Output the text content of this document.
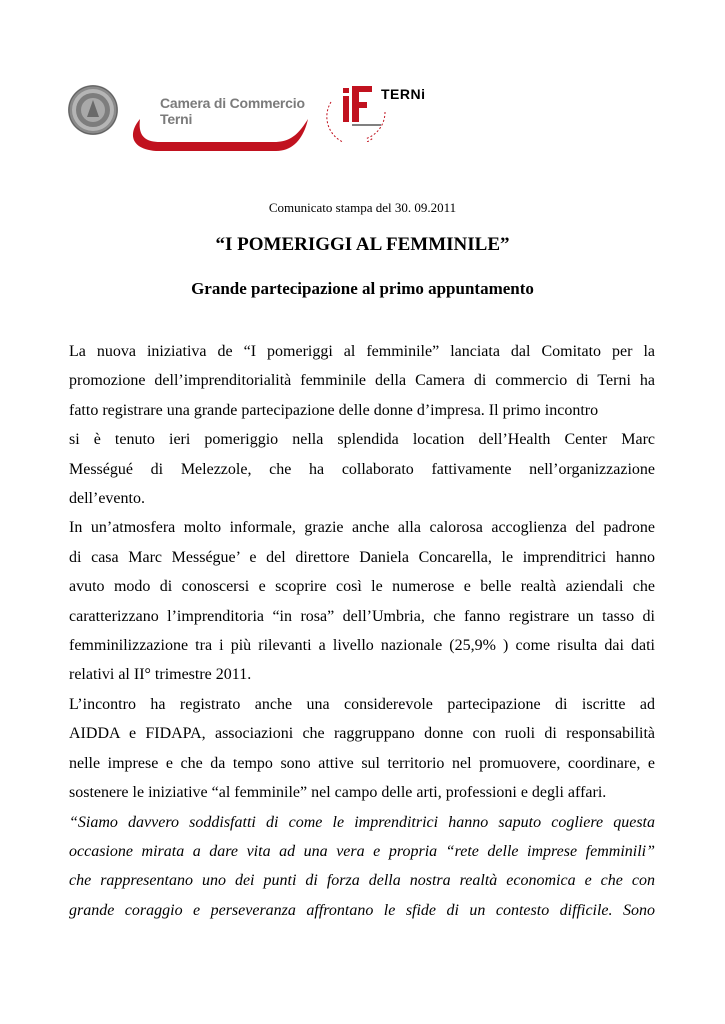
Camera di Commercio
Terni
TERNi
Comunicato stampa del 30. 09.2011
“I POMERIGGI AL FEMMINILE”
Grande partecipazione al primo appuntamento
La nuova iniziativa de “I pomeriggi al femminile” lanciata dal Comitato per la
promozione dell’imprenditorialità femminile della Camera di commercio di Terni ha
fatto registrare una grande partecipazione delle donne d’impresa. Il primo incontro
si è tenuto ieri pomeriggio nella splendida location dell’Health Center Marc
Mességué di Melezzole, che ha collaborato fattivamente nell’organizzazione
dell’evento.
In un’atmosfera molto informale, grazie anche alla calorosa accoglienza del padrone
di casa Marc Mességue’ e del direttore Daniela Concarella, le imprenditrici hanno
avuto modo di conoscersi e scoprire così le numerose e belle realtà aziendali che
caratterizzano l’imprenditoria “in rosa” dell’Umbria, che fanno registrare un tasso di
femminilizzazione tra i più rilevanti a livello nazionale (25,9% ) come risulta dai dati
relativi al II° trimestre 2011.
L’incontro ha registrato anche una considerevole partecipazione di iscritte ad
AIDDA e FIDAPA, associazioni che raggruppano donne con ruoli di responsabilità
nelle imprese e che da tempo sono attive sul territorio nel promuovere, coordinare, e
sostenere le iniziative “al femminile” nel campo delle arti, professioni e degli affari.
“Siamo davvero soddisfatti di come le imprenditrici hanno saputo cogliere questa
occasione mirata a dare vita ad una vera e propria “rete delle imprese femminili”
che rappresentano uno dei punti di forza della nostra realtà economica e che con
grande coraggio e perseveranza affrontano le sfide di un contesto difficile. Sono
